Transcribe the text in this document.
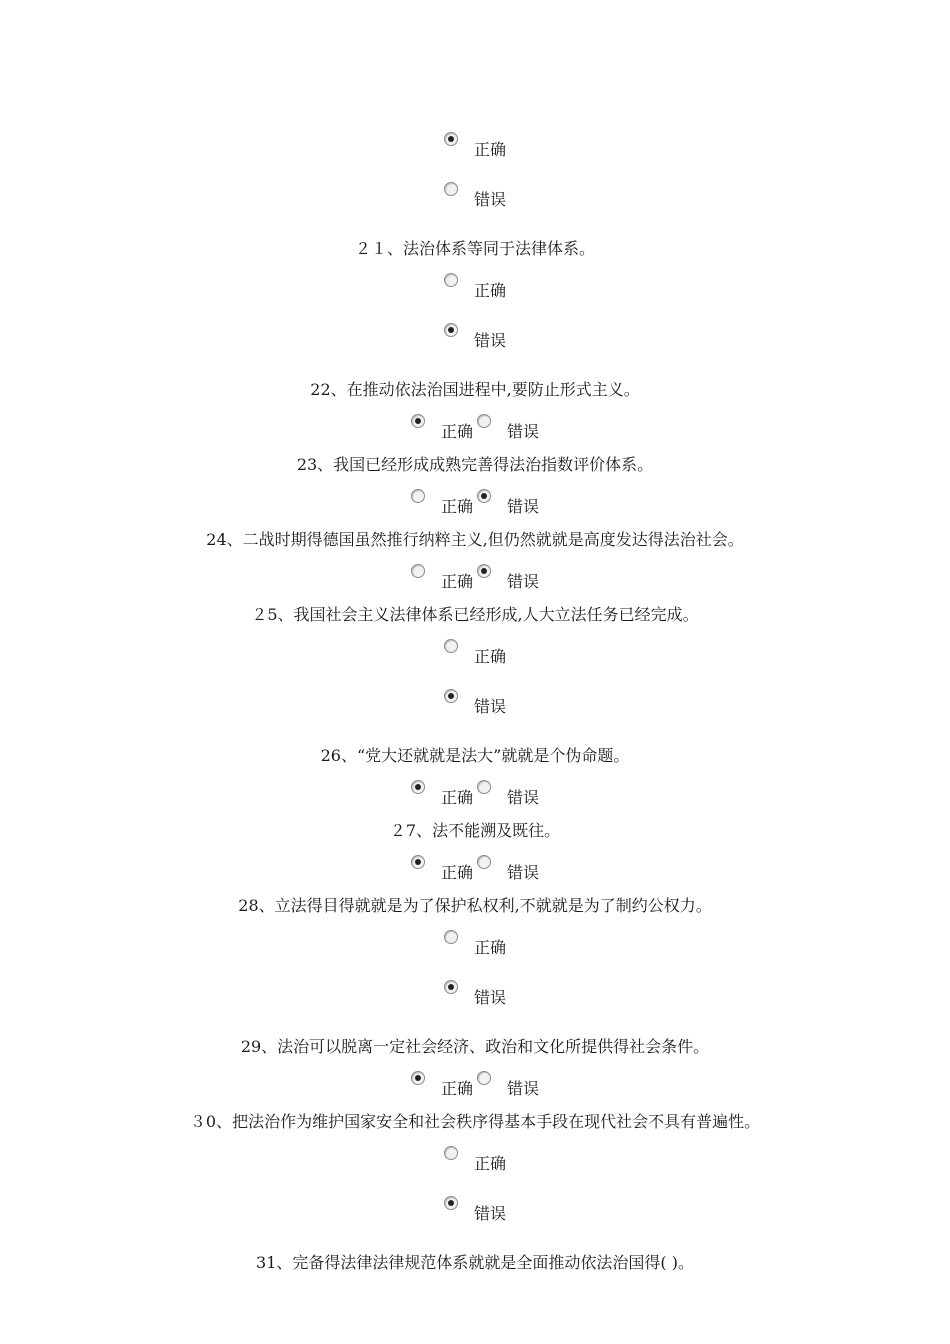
正确
错误
２１、法治体系等同于法律体系。
正确
错误
22、在推动依法治国进程中,要防止形式主义。
正确 错误
23、我国已经形成成熟完善得法治指数评价体系。
正确 错误
24、二战时期得德国虽然推行纳粹主义,但仍然就就是高度发达得法治社会。
正确 错误
２5、我国社会主义法律体系已经形成,人大立法任务已经完成。
正确
错误
26、“党大还就就是法大”就就是个伪命题。
正确 错误
２7、法不能溯及既往。
正确 错误
28、立法得目得就就是为了保护私权利,不就就是为了制约公权力。
正确
错误
29、法治可以脱离一定社会经济、政治和文化所提供得社会条件。
正确 错误
３0、把法治作为维护国家安全和社会秩序得基本手段在现代社会不具有普遍性。
正确
错误
31、完备得法律法律规范体系就就是全面推动依法治国得( )。
